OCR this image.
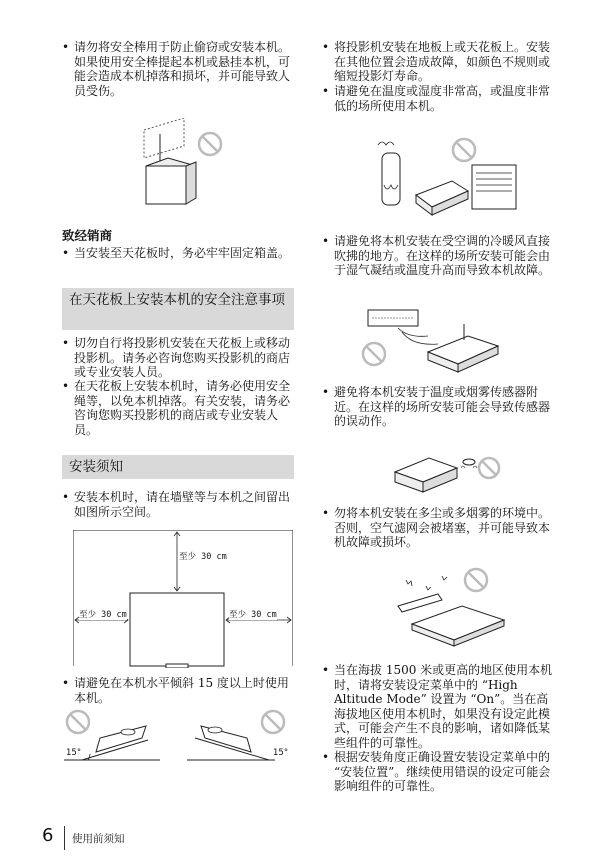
• 请勿将安全棒用于防止偷窃或安装本机。如果使用安全棒提起本机或悬挂本机，可能会造成本机掉落和损坏，并可能导致人员受伤。
致经销商
• 当安装至天花板时，务必牢牢固定箱盖。
在天花板上安装本机的安全注意事项
• 切勿自行将投影机安装在天花板上或移动投影机。请务必咨询您购买投影机的商店或专业安装人员。
• 在天花板上安装本机时，请务必使用安全绳等，以免本机掉落。有关安装，请务必咨询您购买投影机的商店或专业安装人员。
安装须知
• 安装本机时，请在墙壁等与本机之间留出如图所示空间。
至少 30 cm
至少 30 cm	至少 30 cm
• 请避免在本机水平倾斜 15 度以上时使用本机。
15°	15°
• 将投影机安装在地板上或天花板上。安装在其他位置会造成故障，如颜色不规则或缩短投影灯寿命。
• 请避免在温度或湿度非常高，或温度非常低的场所使用本机。
• 请避免将本机安装在受空调的冷暖风直接吹拂的地方。在这样的场所安装可能会由于湿气凝结或温度升高而导致本机故障。
• 避免将本机安装于温度或烟雾传感器附近。在这样的场所安装可能会导致传感器的误动作。
• 勿将本机安装在多尘或多烟雾的环境中。否则，空气滤网会被堵塞，并可能导致本机故障或损坏。
• 当在海拔 1500 米或更高的地区使用本机时，请将安装设定菜单中的 “High Altitude Mode” 设置为 “On”。当在高海拔地区使用本机时，如果没有设定此模式，可能会产生不良的影响，诸如降低某些组件的可靠性。
• 根据安装角度正确设置安装设定菜单中的 “安装位置”。继续使用错误的设定可能会影响组件的可靠性。
6 使用前须知
